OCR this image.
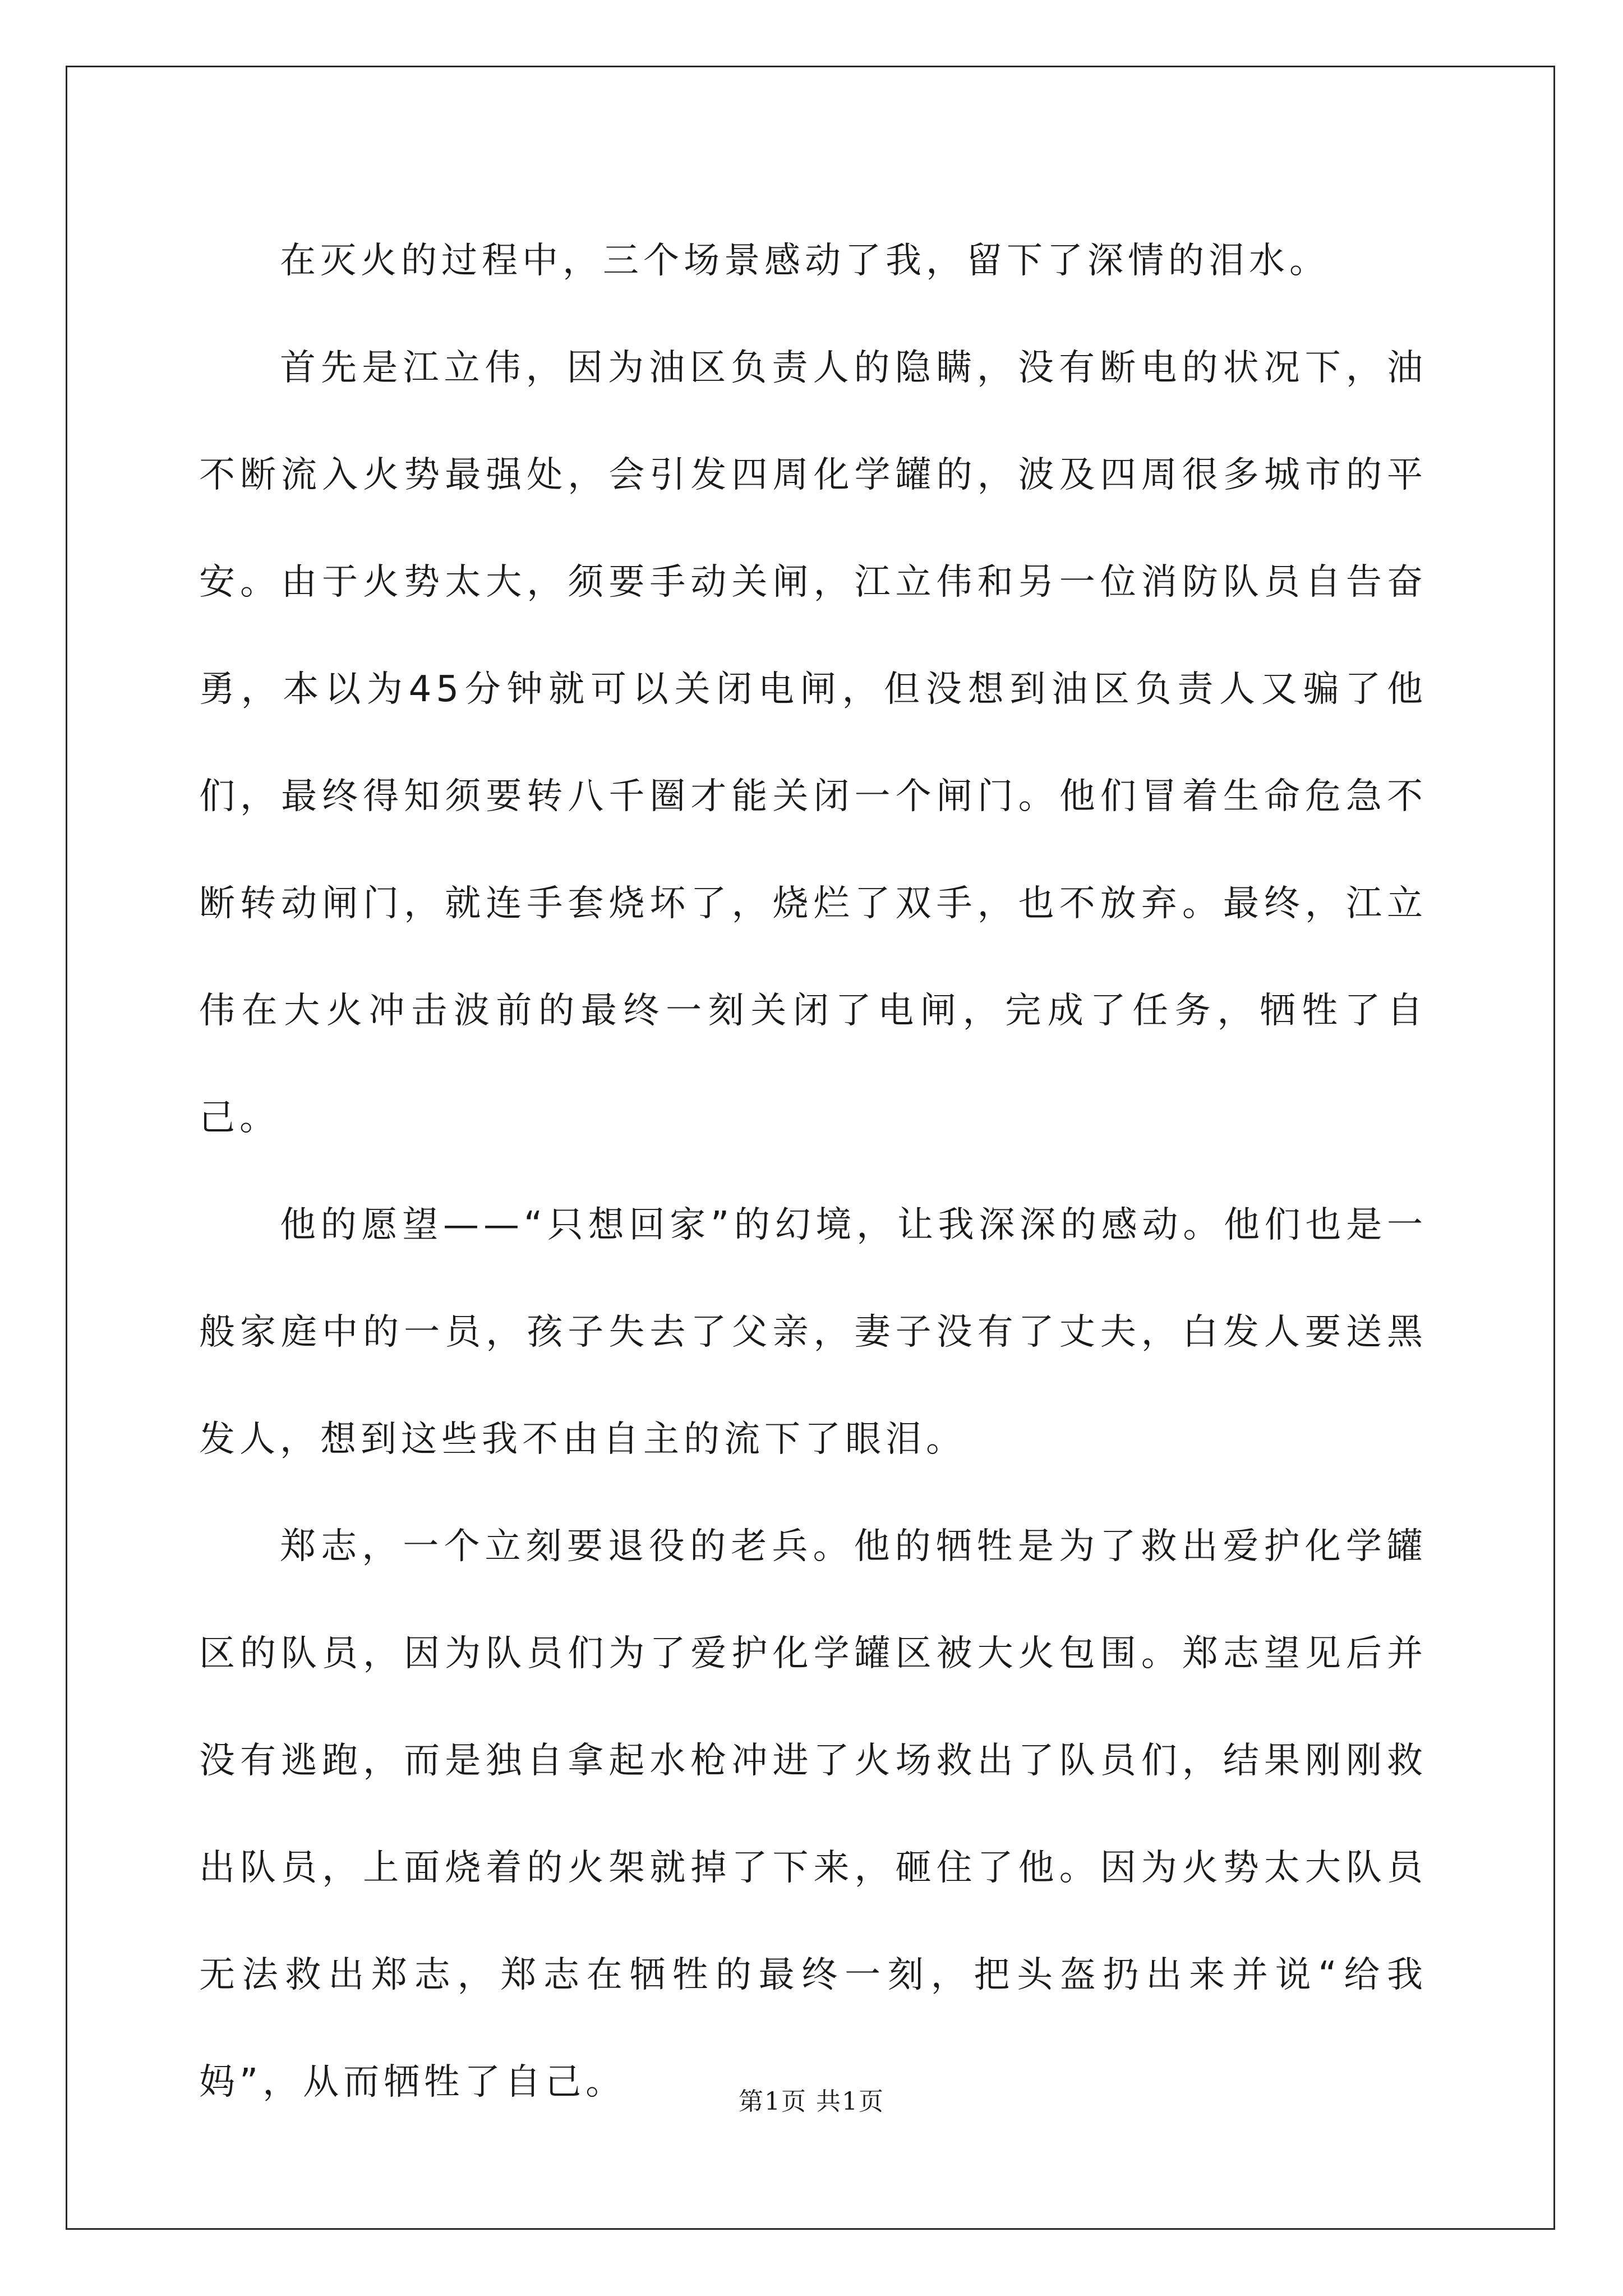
在灭火的过程中，三个场景感动了我，留下了深情的泪水。

首先是江立伟，因为油区负责人的隐瞒，没有断电的状况下，油不断流入火势最强处，会引发四周化学罐的，波及四周很多城市的平安。由于火势太大，须要手动关闸，江立伟和另一位消防队员自告奋勇，本以为45分钟就可以关闭电闸，但没想到油区负责人又骗了他们，最终得知须要转八千圈才能关闭一个闸门。他们冒着生命危急不断转动闸门，就连手套烧坏了，烧烂了双手，也不放弃。最终，江立伟在大火冲击波前的最终一刻关闭了电闸，完成了任务，牺牲了自己。

他的愿望——“只想回家”的幻境，让我深深的感动。他们也是一般家庭中的一员，孩子失去了父亲，妻子没有了丈夫，白发人要送黑发人，想到这些我不由自主的流下了眼泪。

郑志，一个立刻要退役的老兵。他的牺牲是为了救出爱护化学罐区的队员，因为队员们为了爱护化学罐区被大火包围。郑志望见后并没有逃跑，而是独自拿起水枪冲进了火场救出了队员们，结果刚刚救出队员，上面烧着的火架就掉了下来，砸住了他。因为火势太大队员无法救出郑志，郑志在牺牲的最终一刻，把头盔扔出来并说“给我妈”，从而牺牲了自己。	第1页 共1页
